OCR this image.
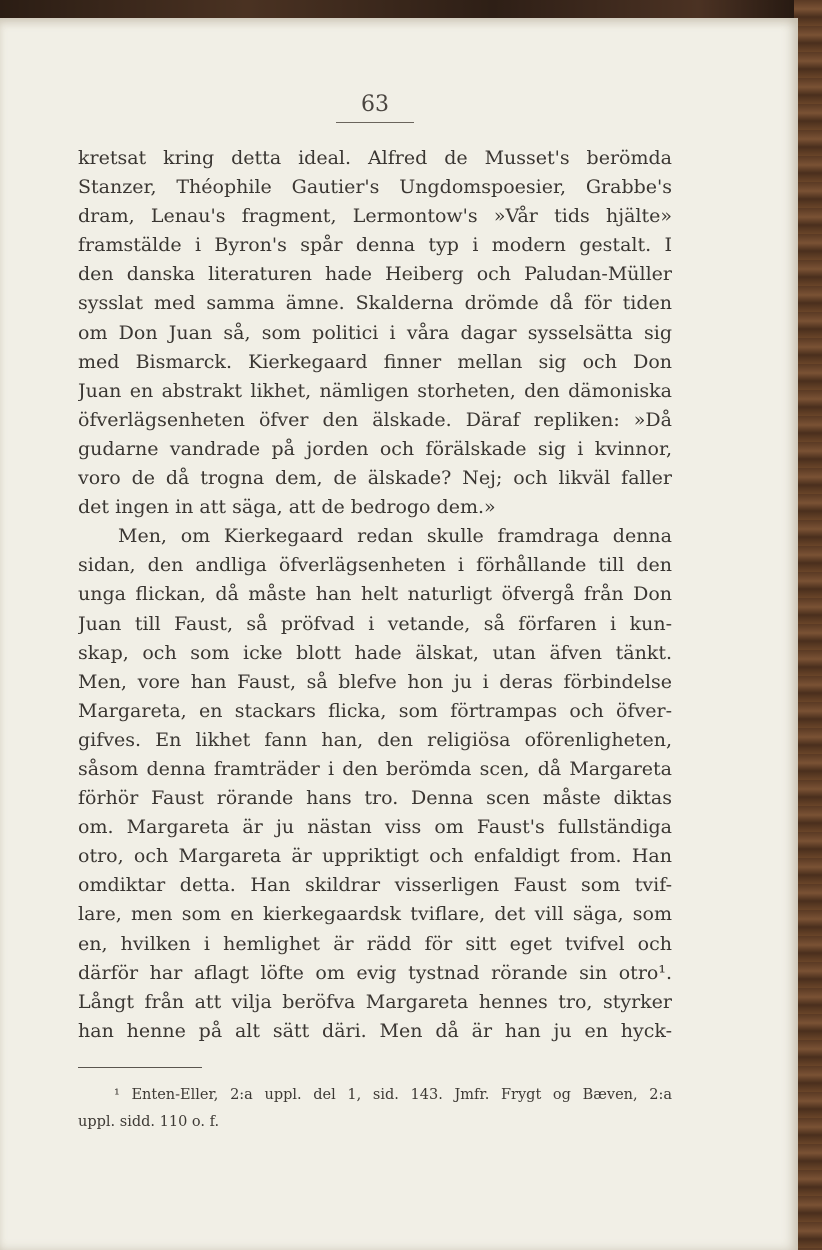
63
kretsat kring detta ideal. Alfred de Musset's berömda
Stanzer, Théophile Gautier's Ungdomspoesier, Grabbe's
dram, Lenau's fragment, Lermontow's »Vår tids hjälte»
framstälde i Byron's spår denna typ i modern gestalt. I
den danska literaturen hade Heiberg och Paludan-Müller
sysslat med samma ämne. Skalderna drömde då för tiden
om Don Juan så, som politici i våra dagar sysselsätta sig
med Bismarck. Kierkegaard finner mellan sig och Don
Juan en abstrakt likhet, nämligen storheten, den dämoniska
öfverlägsenheten öfver den älskade. Däraf repliken: »Då
gudarne vandrade på jorden och förälskade sig i kvinnor,
voro de då trogna dem, de älskade? Nej; och likväl faller
det ingen in att säga, att de bedrogo dem.»
Men, om Kierkegaard redan skulle framdraga denna
sidan, den andliga öfverlägsenheten i förhållande till den
unga flickan, då måste han helt naturligt öfvergå från Don
Juan till Faust, så pröfvad i vetande, så förfaren i kun-
skap, och som icke blott hade älskat, utan äfven tänkt.
Men, vore han Faust, så blefve hon ju i deras förbindelse
Margareta, en stackars flicka, som förtrampas och öfver-
gifves. En likhet fann han, den religiösa oförenligheten,
såsom denna framträder i den berömda scen, då Margareta
förhör Faust rörande hans tro. Denna scen måste diktas
om. Margareta är ju nästan viss om Faust's fullständiga
otro, och Margareta är uppriktigt och enfaldigt from. Han
omdiktar detta. Han skildrar visserligen Faust som tvif-
lare, men som en kierkegaardsk tviflare, det vill säga, som
en, hvilken i hemlighet är rädd för sitt eget tvifvel och
därför har aflagt löfte om evig tystnad rörande sin otro¹.
Långt från att vilja beröfva Margareta hennes tro, styrker
han henne på alt sätt däri. Men då är han ju en hyck-
¹ Enten-Eller, 2:a uppl. del 1, sid. 143. Jmfr. Frygt og Bæven, 2:a
uppl. sidd. 110 o. f.
